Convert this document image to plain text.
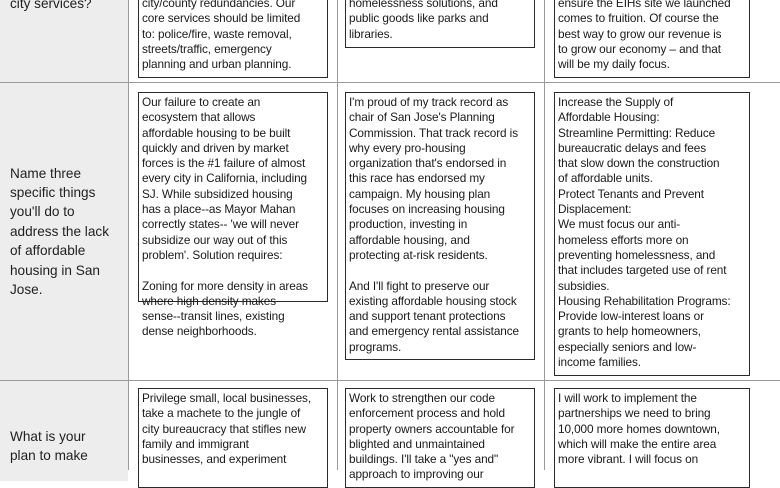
city services?	city/county redundancies. Our
core services should be limited
to: police/fire, waste removal,
streets/traffic, emergency
planning and urban planning.
homelessness solutions, and
public goods like parks and
libraries.
ensure the EIHs site we launched
comes to fruition. Of course the
best way to grow our revenue is
to grow our economy – and that
will be my daily focus.
Name three
specific things
you'll do to
address the lack
of affordable
housing in San
Jose.
Our failure to create an
ecosystem that allows
affordable housing to be built
quickly and driven by market
forces is the #1 failure of almost
every city in California, including
SJ. While subsidized housing
has a place--as Mayor Mahan
correctly states-- 'we will never
subsidize our way out of this
problem'. Solution requires:
Zoning for more density in areas
where high density makes
sense--transit lines, existing
dense neighborhoods.
I'm proud of my track record as
chair of San Jose's Planning
Commission. That track record is
why every pro-housing
organization that's endorsed in
this race has endorsed my
campaign. My housing plan
focuses on increasing housing
production, investing in
affordable housing, and
protecting at-risk residents.
And I'll fight to preserve our
existing affordable housing stock
and support tenant protections
and emergency rental assistance
programs.
Increase the Supply of
Affordable Housing:
Streamline Permitting: Reduce
bureaucratic delays and fees
that slow down the construction
of affordable units.
Protect Tenants and Prevent
Displacement:
We must focus our anti-
homeless efforts more on
preventing homelessness, and
that includes targeted use of rent
subsidies.
Housing Rehabilitation Programs:
Provide low-interest loans or
grants to help homeowners,
especially seniors and low-
income families.
What is your
plan to make
Privilege small, local businesses,
take a machete to the jungle of
city bureaucracy that stifles new
family and immigrant
businesses, and experiment
Work to strengthen our code
enforcement process and hold
property owners accountable for
blighted and unmaintained
buildings. I'll take a "yes and"
approach to improving our
I will work to implement the
partnerships we need to bring
10,000 more homes downtown,
which will make the entire area
more vibrant. I will focus on
